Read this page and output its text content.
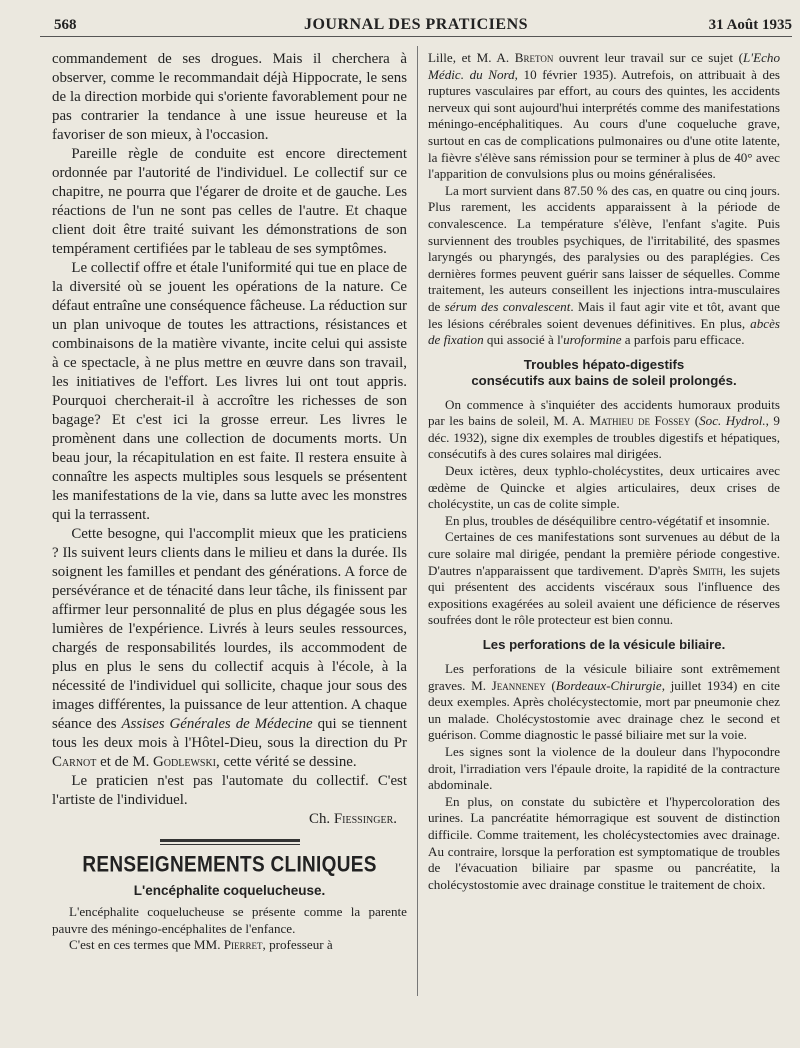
568	JOURNAL DES PRATICIENS	31 Août 1935

commandement de ses drogues. Mais il cherchera à observer, comme le recommandait déjà Hippocrate, le sens de la direction morbide qui s'oriente favorablement pour ne pas contrarier la tendance à une issue heureuse et la favoriser de son mieux, à l'occasion.

Pareille règle de conduite est encore directement ordonnée par l'autorité de l'individuel. Le collectif sur ce chapitre, ne pourra que l'égarer de droite et de gauche. Les réactions de l'un ne sont pas celles de l'autre. Et chaque client doit être traité suivant les démonstrations de son tempérament certifiées par le tableau de ses symptômes.

Le collectif offre et étale l'uniformité qui tue en place de la diversité où se jouent les opérations de la nature. Ce défaut entraîne une conséquence fâcheuse. La réduction sur un plan univoque de toutes les attractions, résistances et combinaisons de la matière vivante, incite celui qui assiste à ce spectacle, à ne plus mettre en œuvre dans son travail, les initiatives de l'effort. Les livres lui ont tout appris. Pourquoi chercherait-il à accroître les richesses de son bagage? Et c'est ici la grosse erreur. Les livres le promènent dans une collection de documents morts. Un beau jour, la récapitulation en est faite. Il restera ensuite à connaître les aspects multiples sous lesquels se présentent les manifestations de la vie, dans sa lutte avec les monstres qui la terrassent.

Cette besogne, qui l'accomplit mieux que les praticiens ? Ils suivent leurs clients dans le milieu et dans la durée. Ils soignent les familles et pendant des générations. A force de persévérance et de ténacité dans leur tâche, ils finissent par affirmer leur personnalité de plus en plus dégagée sous les lumières de l'expérience. Livrés à leurs seules ressources, chargés de responsabilités lourdes, ils accommodent de plus en plus le sens du collectif acquis à l'école, à la nécessité de l'individuel qui sollicite, chaque jour sous des images différentes, la puissance de leur attention. A chaque séance des Assises Générales de Médecine qui se tiennent tous les deux mois à l'Hôtel-Dieu, sous la direction du Pr Carnot et de M. Godlewski, cette vérité se dessine.

Le praticien n'est pas l'automate du collectif. C'est l'artiste de l'individuel.

Ch. Fiessinger.
RENSEIGNEMENTS CLINIQUES
L'encéphalite coquelucheuse.

L'encéphalite coquelucheuse se présente comme la parente pauvre des méningo-encéphalites de l'enfance.

C'est en ces termes que MM. Pierret, professeur à

Lille, et M. A. Breton ouvrent leur travail sur ce sujet (L'Echo Médic. du Nord, 10 février 1935). Autrefois, on attribuait à des ruptures vasculaires par effort, au cours des quintes, les accidents nerveux qui sont aujourd'hui interprétés comme des manifestations méningo-encéphalitiques. Au cours d'une coqueluche grave, surtout en cas de complications pulmonaires ou d'une otite latente, la fièvre s'élève sans rémission pour se terminer à plus de 40° avec l'apparition de convulsions plus ou moins généralisées.

La mort survient dans 87.50 % des cas, en quatre ou cinq jours. Plus rarement, les accidents apparaissent à la période de convalescence. La température s'élève, l'enfant s'agite. Puis surviennent des troubles psychiques, de l'irritabilité, des spasmes laryngés ou pharyngés, des paralysies ou des paraplégies. Ces dernières formes peuvent guérir sans laisser de séquelles. Comme traitement, les auteurs conseillent les injections intra-musculaires de sérum des convalescent. Mais il faut agir vite et tôt, avant que les lésions cérébrales soient devenues définitives. En plus, abcès de fixation qui associé à l'uroformine a parfois paru efficace.

Troubles hépato-digestifs
consécutifs aux bains de soleil prolongés.

On commence à s'inquiéter des accidents humoraux produits par les bains de soleil, M. A. Mathieu de Fossey (Soc. Hydrol., 9 déc. 1932), signe dix exemples de troubles digestifs et hépatiques, consécutifs à des cures solaires mal dirigées.

Deux ictères, deux typhlo-cholécystites, deux urticaires avec œdème de Quincke et algies articulaires, deux crises de cholécystite, un cas de colite simple.

En plus, troubles de déséquilibre centro-végétatif et insomnie.

Certaines de ces manifestations sont survenues au début de la cure solaire mal dirigée, pendant la première période congestive. D'autres n'apparaissent que tardivement. D'après Smith, les sujets qui présentent des accidents viscéraux sous l'influence des expositions exagérées au soleil avaient une déficience de réserves soufrées dont le rôle protecteur est bien connu.

Les perforations de la vésicule biliaire.

Les perforations de la vésicule biliaire sont extrêmement graves. M. Jeanneney (Bordeaux-Chirurgie, juillet 1934) en cite deux exemples. Après cholécystectomie, mort par pneumonie chez un malade. Cholécystostomie avec drainage chez le second et guérison. Comme diagnostic le passé biliaire met sur la voie.

Les signes sont la violence de la douleur dans l'hypocondre droit, l'irradiation vers l'épaule droite, la rapidité de la contracture abdominale.

En plus, on constate du subictère et l'hypercoloration des urines. La pancréatite hémorragique est souvent de distinction difficile. Comme traitement, les cholécystectomies avec drainage. Au contraire, lorsque la perforation est symptomatique de troubles de l'évacuation biliaire par spasme ou pancréatite, la cholécystostomie avec drainage constitue le traitement de choix.
